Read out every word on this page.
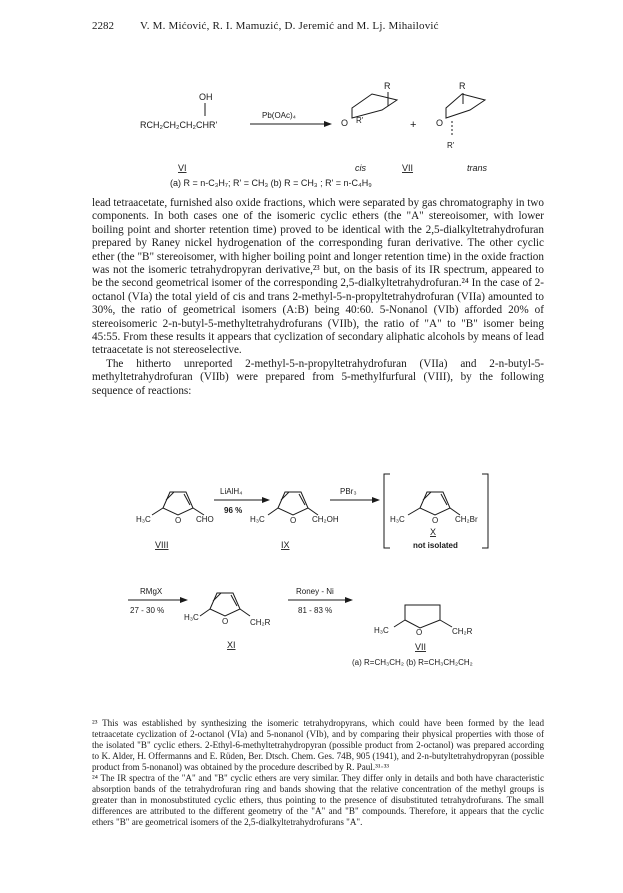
2282 V. M. Mićović, R. I. Mamuzić, D. Jeremić and M. Lj. Mihailović
OH
RCH₂CH₂CH₂CHR'
Pb(OAc)₄
R
O R'	+
R
O
R'
VI	cis	VII	trans
(a) R = n-C₃H₇; R' = CH₃ (b) R = CH₃ ; R' = n-C₄H₉

lead tetraacetate, furnished also oxide fractions, which were separated by gas chromatography in two components. In both cases one of the isomeric cyclic ethers (the "A" stereoisomer, with lower boiling point and shorter retention time) proved to be identical with the 2,5-dialkyltetrahydrofuran prepared by Raney nickel hydrogenation of the corresponding furan derivative. The other cyclic ether (the "B" stereoisomer, with higher boiling point and longer retention time) in the oxide fraction was not the isomeric tetrahydropyran derivative,²³ but, on the basis of its IR spectrum, appeared to be the second geometrical isomer of the corresponding 2,5-dialkyltetrahydrofuran.²⁴ In the case of 2-octanol (VIa) the total yield of cis and trans 2-methyl-5-n-propyltetrahydrofuran (VIIa) amounted to 30%, the ratio of geometrical isomers (A:B) being 40:60. 5-Nonanol (VIb) afforded 20% of stereoisomeric 2-n-butyl-5-methyltetrahydrofurans (VIIb), the ratio of "A" to "B" isomer being 45:55. From these results it appears that cyclization of secondary aliphatic alcohols by means of lead tetraacetate is not stereoselective.

The hitherto unreported 2-methyl-5-n-propyltetrahydrofuran (VIIa) and 2-n-butyl-5-methyltetrahydrofuran (VIIb) were prepared from 5-methylfurfural (VIII), by the following sequence of reactions:

LiAlH₄
96 %
PBr₃
H₃C	O CHO	H₃C	O CH₂OH	H₃C	O CH₂Br
VIII	IX
X
not isolated
RMgX
27 - 30 %
H₃C	O	CH₂R
Roney - Ni
81 - 83 %
H₃C	O	CH₂R
XI	VII
(a) R=CH₃CH₂ (b) R=CH₃CH₂CH₂

²³ This was established by synthesizing the isomeric tetrahydropyrans, which could have been formed by the lead tetraacetate cyclization of 2-octanol (VIa) and 5-nonanol (VIb), and by comparing their physical properties with those of the isolated "B" cyclic ethers. 2-Ethyl-6-methyltetrahydropyran (possible product from 2-octanol) was prepared according to K. Alder, H. Offermanns and E. Rüden, Ber. Dtsch. Chem. Ges. 74B, 905 (1941), and 2-n-butyltetrahydropyran (possible product from 5-nonanol) was obtained by the procedure described by R. Paul.³¹·³³

²⁴ The IR spectra of the "A" and "B" cyclic ethers are very similar. They differ only in details and both have characteristic absorption bands of the tetrahydrofuran ring and bands showing that the relative concentration of the methyl groups is greater than in monosubstituted cyclic ethers, thus pointing to the presence of disubstituted tetrahydrofurans. The small differences are attributed to the different geometry of the "A" and "B" compounds. Therefore, it appears that the cyclic ethers "B" are geometrical isomers of the 2,5-dialkyltetrahydrofurans "A".
